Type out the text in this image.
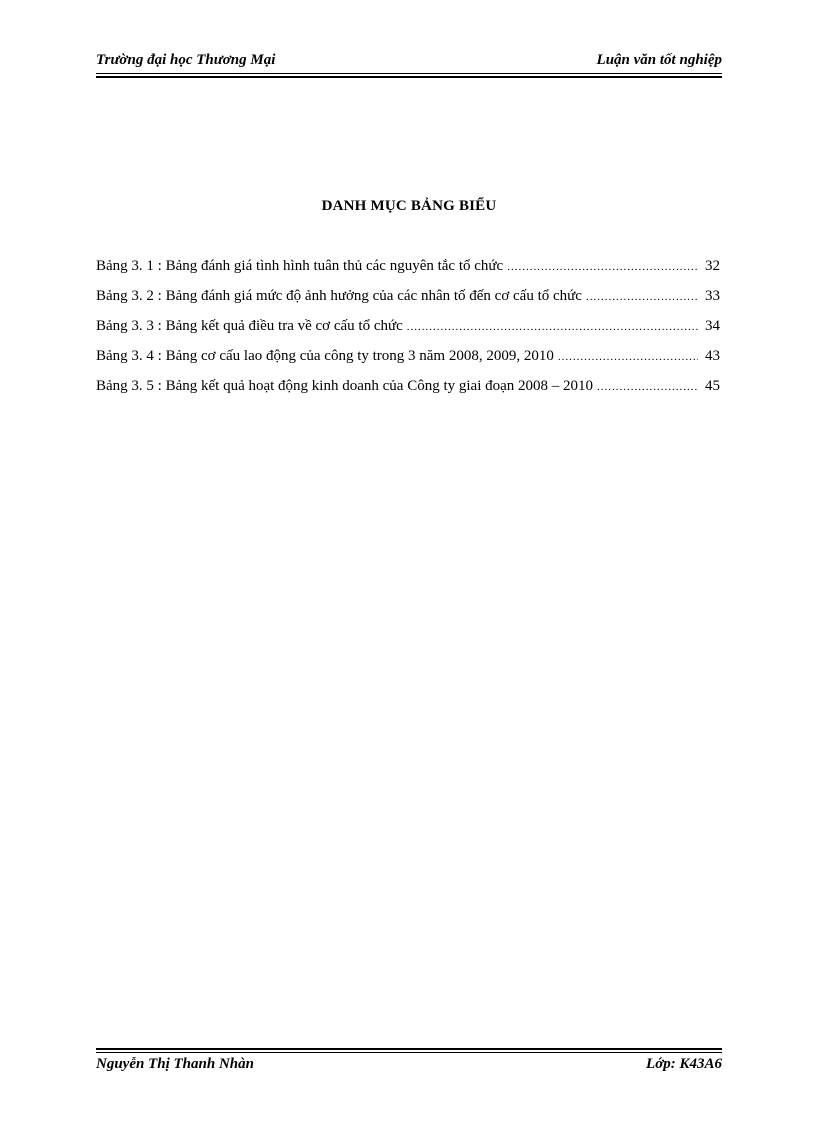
Trường đại học Thương Mại	Luận văn tốt nghiệp
DANH MỤC BẢNG BIỂU
Bảng 3. 1 : Bảng đánh giá tình hình tuân thủ các nguyên tắc tổ chức .....	32
Bảng 3. 2 : Bảng đánh giá mức độ ảnh hưởng của các nhân tố đến cơ cấu tổ chức .....	33
Bảng 3. 3 : Bảng kết quả điều tra về cơ cấu tổ chức .....	34
Bảng 3. 4 : Bảng cơ cấu lao động của công ty trong 3 năm 2008, 2009, 2010 .....	43
Bảng 3. 5 : Bảng kết quả hoạt động kinh doanh của Công ty giai đoạn 2008 – 2010 .....	45
Nguyễn Thị Thanh Nhàn	Lớp: K43A6
